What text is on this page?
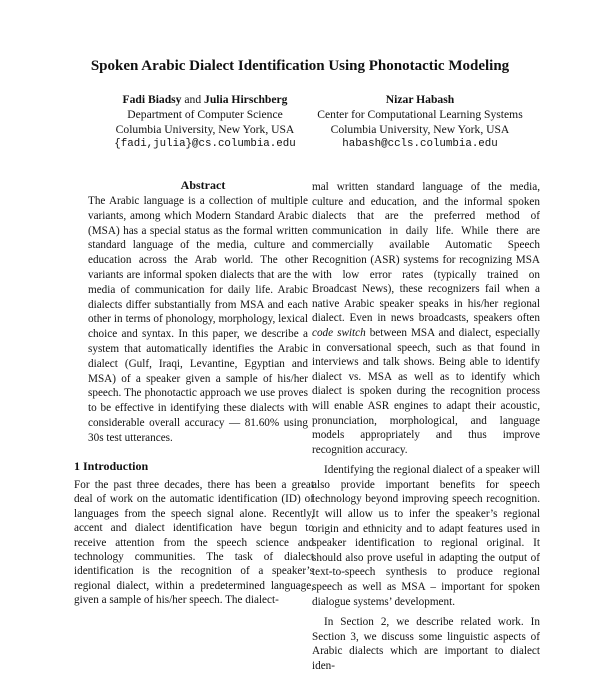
Spoken Arabic Dialect Identification Using Phonotactic Modeling
Fadi Biadsy and Julia Hirschberg
Department of Computer Science
Columbia University, New York, USA
{fadi,julia}@cs.columbia.edu
Nizar Habash
Center for Computational Learning Systems
Columbia University, New York, USA
habash@ccls.columbia.edu
Abstract
The Arabic language is a collection of multiple variants, among which Modern Standard Arabic (MSA) has a special status as the formal written standard language of the media, culture and education across the Arab world. The other variants are informal spoken dialects that are the media of communication for daily life. Arabic dialects differ substantially from MSA and each other in terms of phonology, morphology, lexical choice and syntax. In this paper, we describe a system that automatically identifies the Arabic dialect (Gulf, Iraqi, Levantine, Egyptian and MSA) of a speaker given a sample of his/her speech. The phonotactic approach we use proves to be effective in identifying these dialects with considerable overall accuracy — 81.60% using 30s test utterances.
1 Introduction
For the past three decades, there has been a great deal of work on the automatic identification (ID) of languages from the speech signal alone. Recently, accent and dialect identification have begun to receive attention from the speech science and technology communities. The task of dialect identification is the recognition of a speaker’s regional dialect, within a predetermined language, given a sample of his/her speech. The dialect-

mal written standard language of the media, culture and education, and the informal spoken dialects that are the preferred method of communication in daily life. While there are commercially available Automatic Speech Recognition (ASR) systems for recognizing MSA with low error rates (typically trained on Broadcast News), these recognizers fail when a native Arabic speaker speaks in his/her regional dialect. Even in news broadcasts, speakers often code switch between MSA and dialect, especially in conversational speech, such as that found in interviews and talk shows. Being able to identify dialect vs. MSA as well as to identify which dialect is spoken during the recognition process will enable ASR engines to adapt their acoustic, pronunciation, morphological, and language models appropriately and thus improve recognition accuracy.

Identifying the regional dialect of a speaker will also provide important benefits for speech technology beyond improving speech recognition. It will allow us to infer the speaker’s regional origin and ethnicity and to adapt features used in speaker identification to regional original. It should also prove useful in adapting the output of text-to-speech synthesis to produce regional speech as well as MSA – important for spoken dialogue systems’ development.

In Section 2, we describe related work. In Section 3, we discuss some linguistic aspects of Arabic dialects which are important to dialect iden-
